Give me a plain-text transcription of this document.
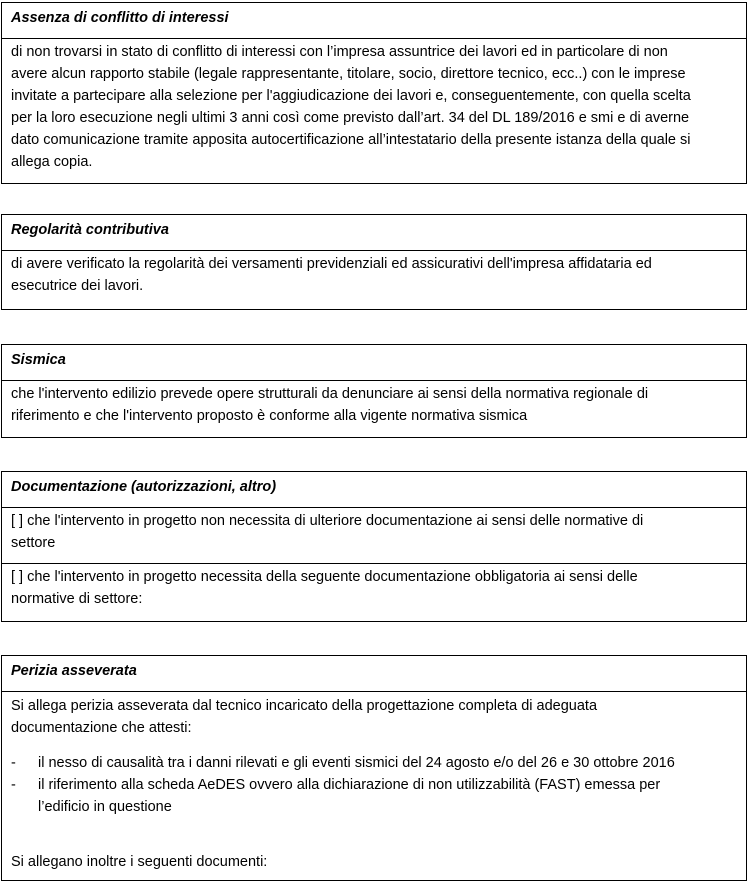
Assenza di conflitto di interessi
di non trovarsi in stato di conflitto di interessi con l’impresa assuntrice dei lavori ed in particolare di non
avere alcun rapporto stabile (legale rappresentante, titolare, socio, direttore tecnico, ecc..) con le imprese
invitate a partecipare alla selezione per l'aggiudicazione dei lavori e, conseguentemente, con quella scelta
per la loro esecuzione negli ultimi 3 anni così come previsto dall’art. 34 del DL 189/2016 e smi e di averne
dato comunicazione tramite apposita autocertificazione all’intestatario della presente istanza della quale si
allega copia.
Regolarità contributiva
di avere verificato la regolarità dei versamenti previdenziali ed assicurativi dell'impresa affidataria ed
esecutrice dei lavori.
Sismica
che l'intervento edilizio prevede opere strutturali da denunciare ai sensi della normativa regionale di
riferimento e che l'intervento proposto è conforme alla vigente normativa sismica
Documentazione (autorizzazioni, altro)
[ ] che l'intervento in progetto non necessita di ulteriore documentazione ai sensi delle normative di
settore
[ ] che l'intervento in progetto necessita della seguente documentazione obbligatoria ai sensi delle
normative di settore:
Perizia asseverata
Si allega perizia asseverata dal tecnico incaricato della progettazione completa di adeguata
documentazione che attesti:
- il nesso di causalità tra i danni rilevati e gli eventi sismici del 24 agosto e/o del 26 e 30 ottobre 2016
- il riferimento alla scheda AeDES ovvero alla dichiarazione di non utilizzabilità (FAST) emessa per
l’edificio in questione
Si allegano inoltre i seguenti documenti:
